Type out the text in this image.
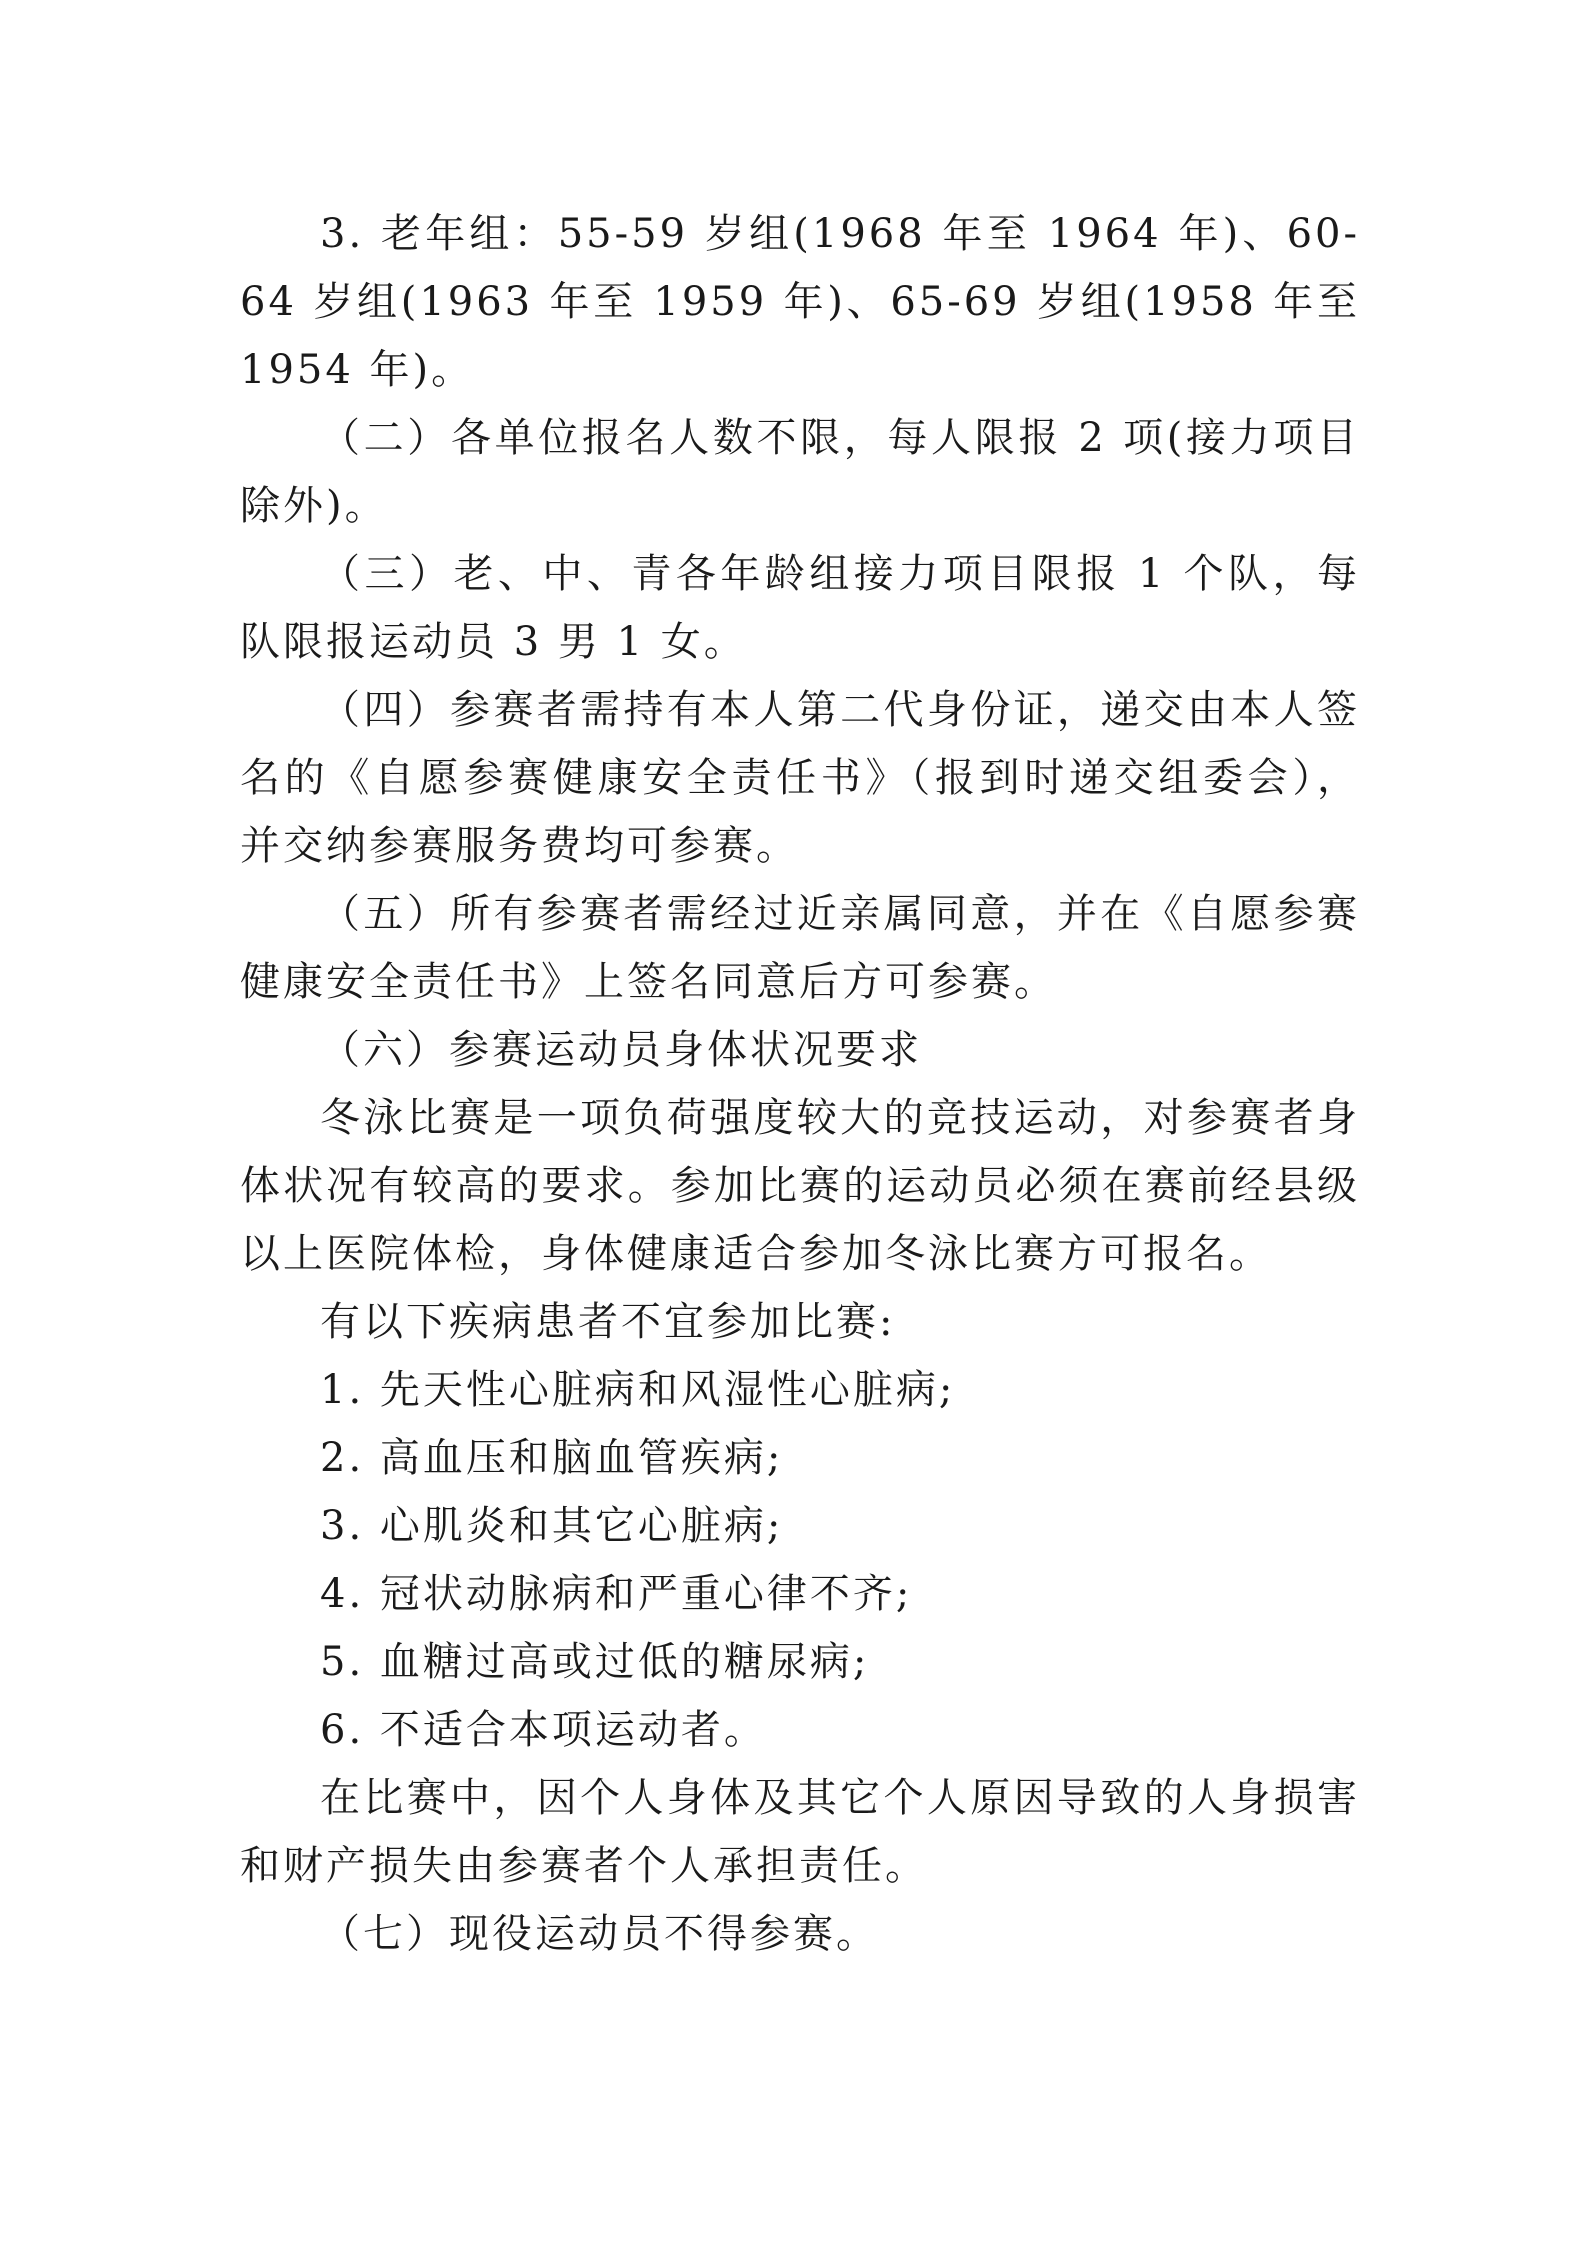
3. 老年组：55-59 岁组(1968 年至 1964 年)、60-64 岁组(1963 年至 1959 年)、65-69 岁组(1958 年至 1954 年)。

（二）各单位报名人数不限，每人限报 2 项(接力项目除外)。

（三）老、中、青各年龄组接力项目限报 1 个队，每队限报运动员 3 男 1 女。

（四）参赛者需持有本人第二代身份证，递交由本人签名的《自愿参赛健康安全责任书》（报到时递交组委会），并交纳参赛服务费均可参赛。

（五）所有参赛者需经过近亲属同意，并在《自愿参赛健康安全责任书》上签名同意后方可参赛。

（六）参赛运动员身体状况要求

冬泳比赛是一项负荷强度较大的竞技运动，对参赛者身体状况有较高的要求。参加比赛的运动员必须在赛前经县级以上医院体检，身体健康适合参加冬泳比赛方可报名。

有以下疾病患者不宜参加比赛:

1. 先天性心脏病和风湿性心脏病;

2. 高血压和脑血管疾病;

3. 心肌炎和其它心脏病;

4. 冠状动脉病和严重心律不齐;

5. 血糖过高或过低的糖尿病;

6. 不适合本项运动者。

在比赛中，因个人身体及其它个人原因导致的人身损害和财产损失由参赛者个人承担责任。

（七）现役运动员不得参赛。
